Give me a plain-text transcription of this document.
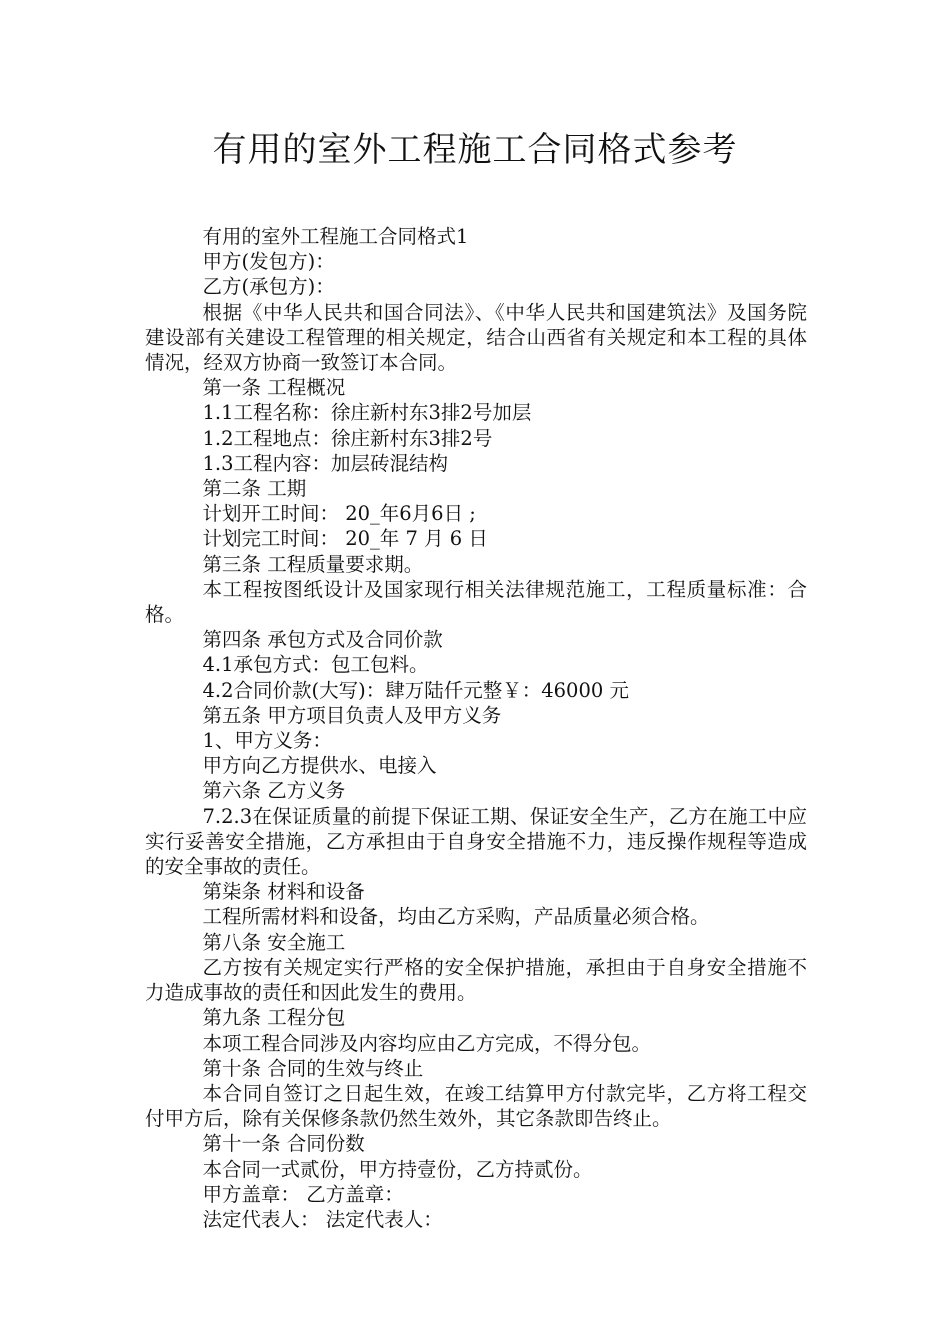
有用的室外工程施工合同格式参考

有用的室外工程施工合同格式1

甲方(发包方)：

乙方(承包方)：

根据《中华人民共和国合同法》、《中华人民共和国建筑法》及国务院建设部有关建设工程管理的相关规定，结合山西省有关规定和本工程的具体情况，经双方协商一致签订本合同。

第一条 工程概况

1.1工程名称：徐庄新村东3排2号加层

1.2工程地点：徐庄新村东3排2号

1.3工程内容：加层砖混结构

第二条 工期

计划开工时间： 20_年6月6日 ;

计划完工时间： 20_年 7 月 6 日

第三条 工程质量要求期。

本工程按图纸设计及国家现行相关法律规范施工，工程质量标准：合格。

第四条 承包方式及合同价款

4.1承包方式：包工包料。

4.2合同价款(大写)：肆万陆仟元整￥：46000 元

第五条 甲方项目负责人及甲方义务

1、甲方义务：

甲方向乙方提供水、电接入

第六条 乙方义务

7.2.3在保证质量的前提下保证工期、保证安全生产，乙方在施工中应实行妥善安全措施，乙方承担由于自身安全措施不力，违反操作规程等造成的安全事故的责任。

第柒条 材料和设备

工程所需材料和设备，均由乙方采购，产品质量必须合格。

第八条 安全施工

乙方按有关规定实行严格的安全保护措施，承担由于自身安全措施不力造成事故的责任和因此发生的费用。

第九条 工程分包

本项工程合同涉及内容均应由乙方完成，不得分包。

第十条 合同的生效与终止

本合同自签订之日起生效，在竣工结算甲方付款完毕，乙方将工程交付甲方后，除有关保修条款仍然生效外，其它条款即告终止。

第十一条 合同份数

本合同一式贰份，甲方持壹份，乙方持贰份。

甲方盖章： 乙方盖章：

法定代表人： 法定代表人：
